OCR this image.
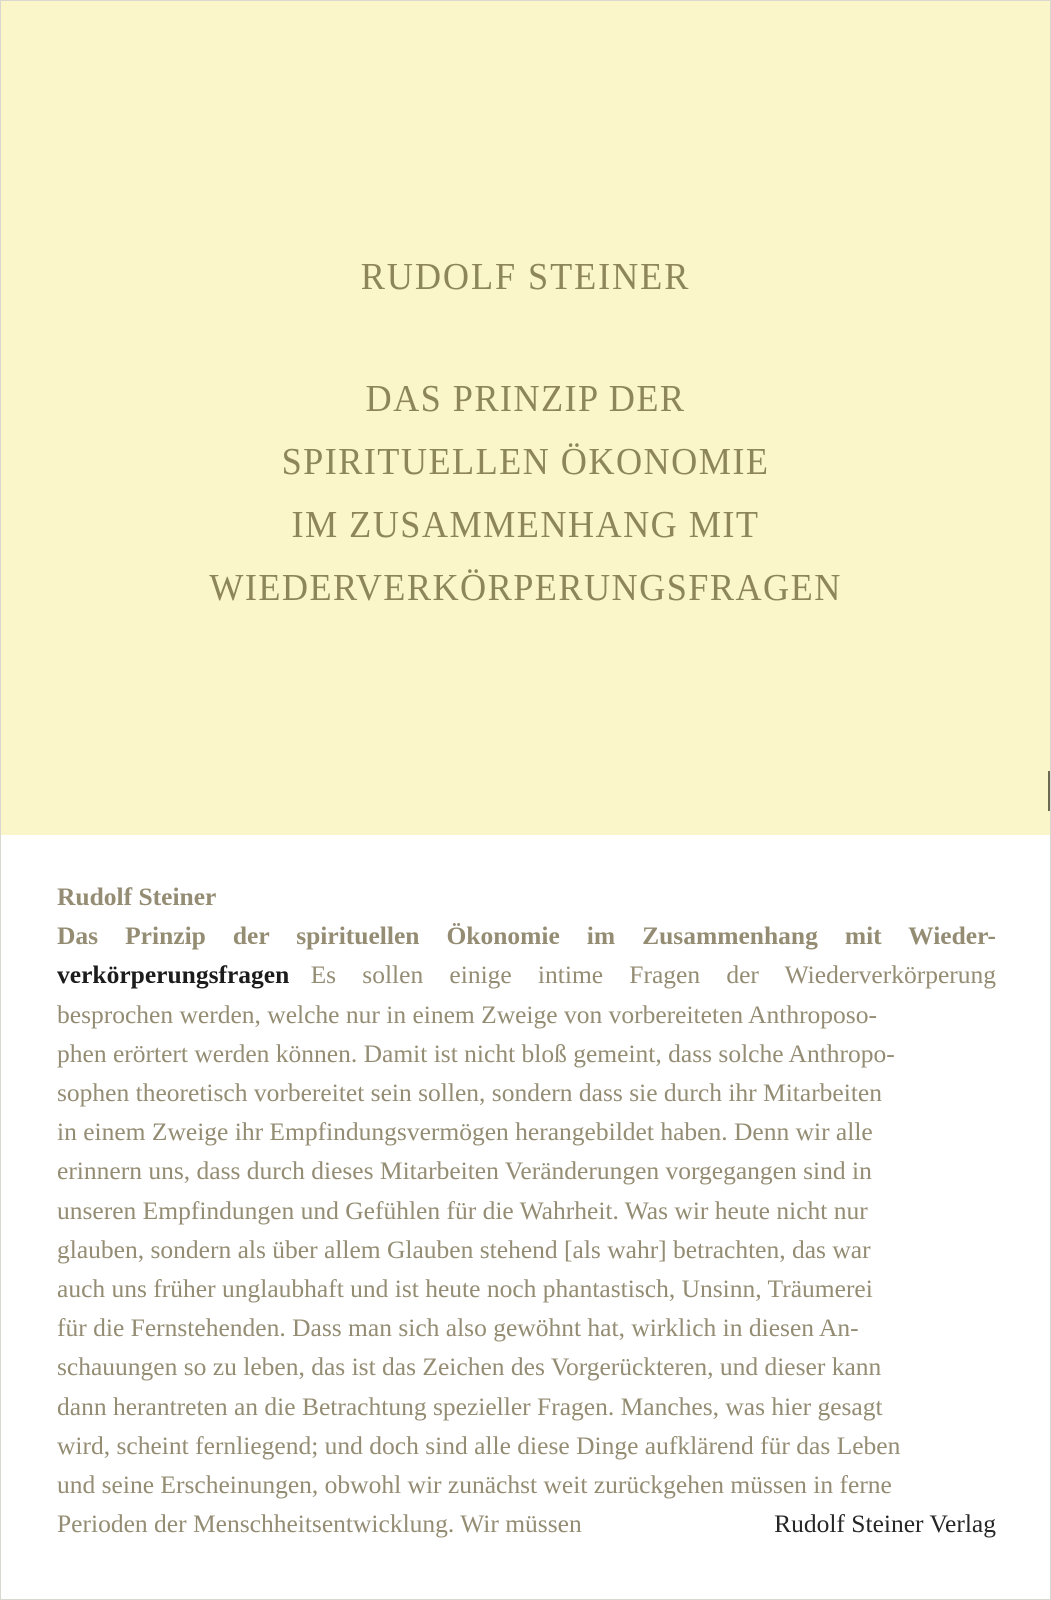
RUDOLF STEINER
DAS PRINZIP DER
SPIRITUELLEN ÖKONOMIE
IM ZUSAMMENHANG MIT
WIEDERVERKÖRPERUNGSFRAGEN
Rudolf Steiner
Das Prinzip der spirituellen Ökonomie im Zusammenhang mit Wieder-
verkörperungsfragen Es sollen einige intime Fragen der Wiederverkörperung
besprochen werden, welche nur in einem Zweige von vorbereiteten Anthroposo-
phen erörtert werden können. Damit ist nicht bloß gemeint, dass solche Anthropo-
sophen theoretisch vorbereitet sein sollen, sondern dass sie durch ihr Mitarbeiten
in einem Zweige ihr Empfindungsvermögen herangebildet haben. Denn wir alle
erinnern uns, dass durch dieses Mitarbeiten Veränderungen vorgegangen sind in
unseren Empfindungen und Gefühlen für die Wahrheit. Was wir heute nicht nur
glauben, sondern als über allem Glauben stehend [als wahr] betrachten, das war
auch uns früher unglaubhaft und ist heute noch phantastisch, Unsinn, Träumerei
für die Fernstehenden. Dass man sich also gewöhnt hat, wirklich in diesen An-
schauungen so zu leben, das ist das Zeichen des Vorgerückteren, und dieser kann
dann herantreten an die Betrachtung spezieller Fragen. Manches, was hier gesagt
wird, scheint fernliegend; und doch sind alle diese Dinge aufklärend für das Leben
und seine Erscheinungen, obwohl wir zunächst weit zurückgehen müssen in ferne
Perioden der Menschheitsentwicklung. Wir müssen	Rudolf Steiner Verlag
